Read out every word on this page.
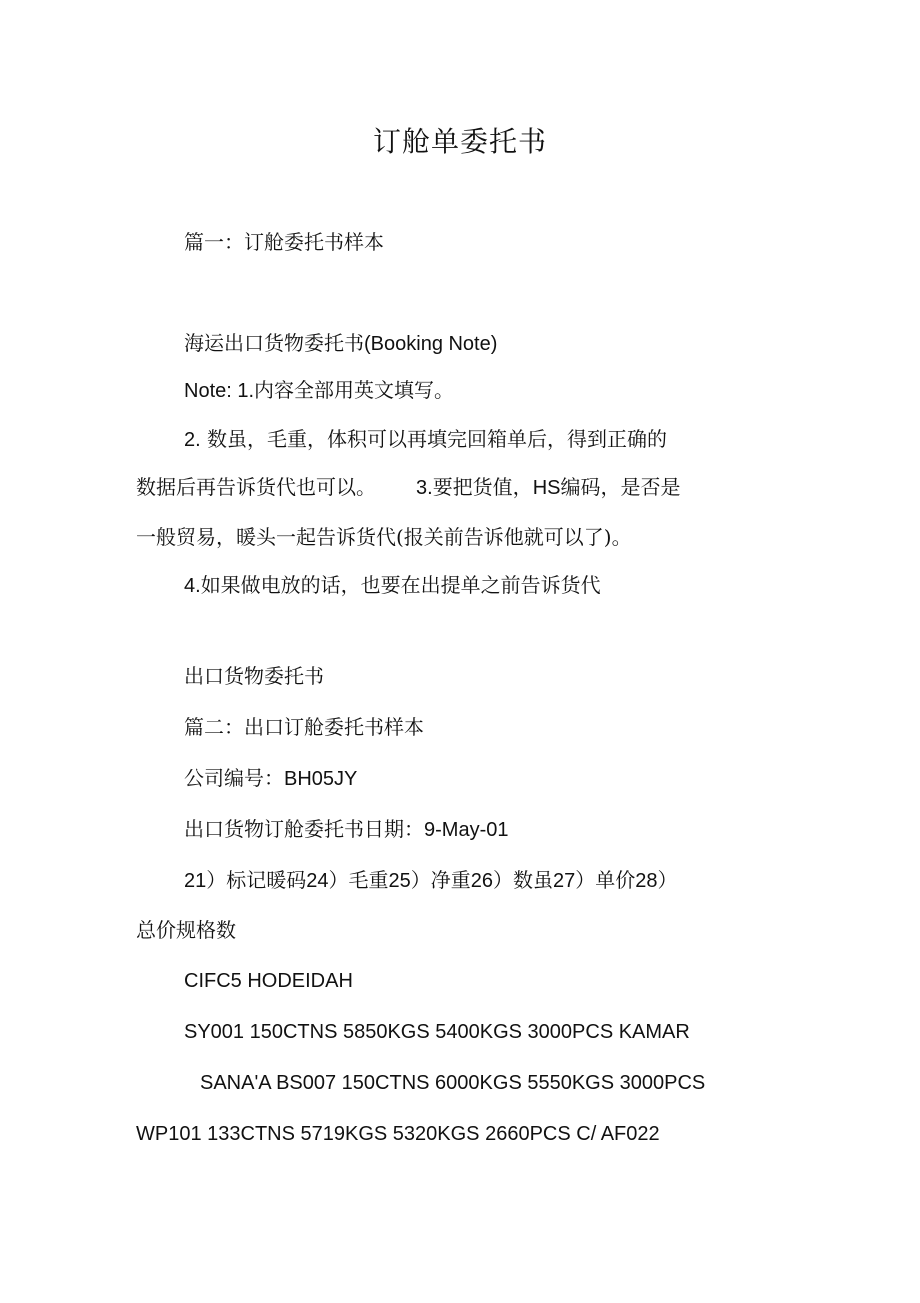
订舱单委托书
篇一：订舱委托书样本
海运出口货物委托书(Booking Note)
Note: 1.内容全部用英文填写。
2. 数虽，毛重，体积可以再填完回箱单后，得到正确的
数据后再告诉货代也可以。 3.要把货值，HS编码，是否是
一般贸易，暖头一起告诉货代(报关前告诉他就可以了)。
4.如果做电放的话，也要在出提单之前告诉货代
出口货物委托书
篇二：出口订舱委托书样本
公司编号：BH05JY
出口货物订舱委托书日期：9-May-01
21）标记暖码24）毛重25）净重26）数虽27）单价28）
总价规格数
CIFC5 HODEIDAH
SY001 150CTNS 5850KGS 5400KGS 3000PCS KAMAR
SANA'A BS007 150CTNS 6000KGS 5550KGS 3000PCS
WP101 133CTNS 5719KGS 5320KGS 2660PCS C/ AF022
